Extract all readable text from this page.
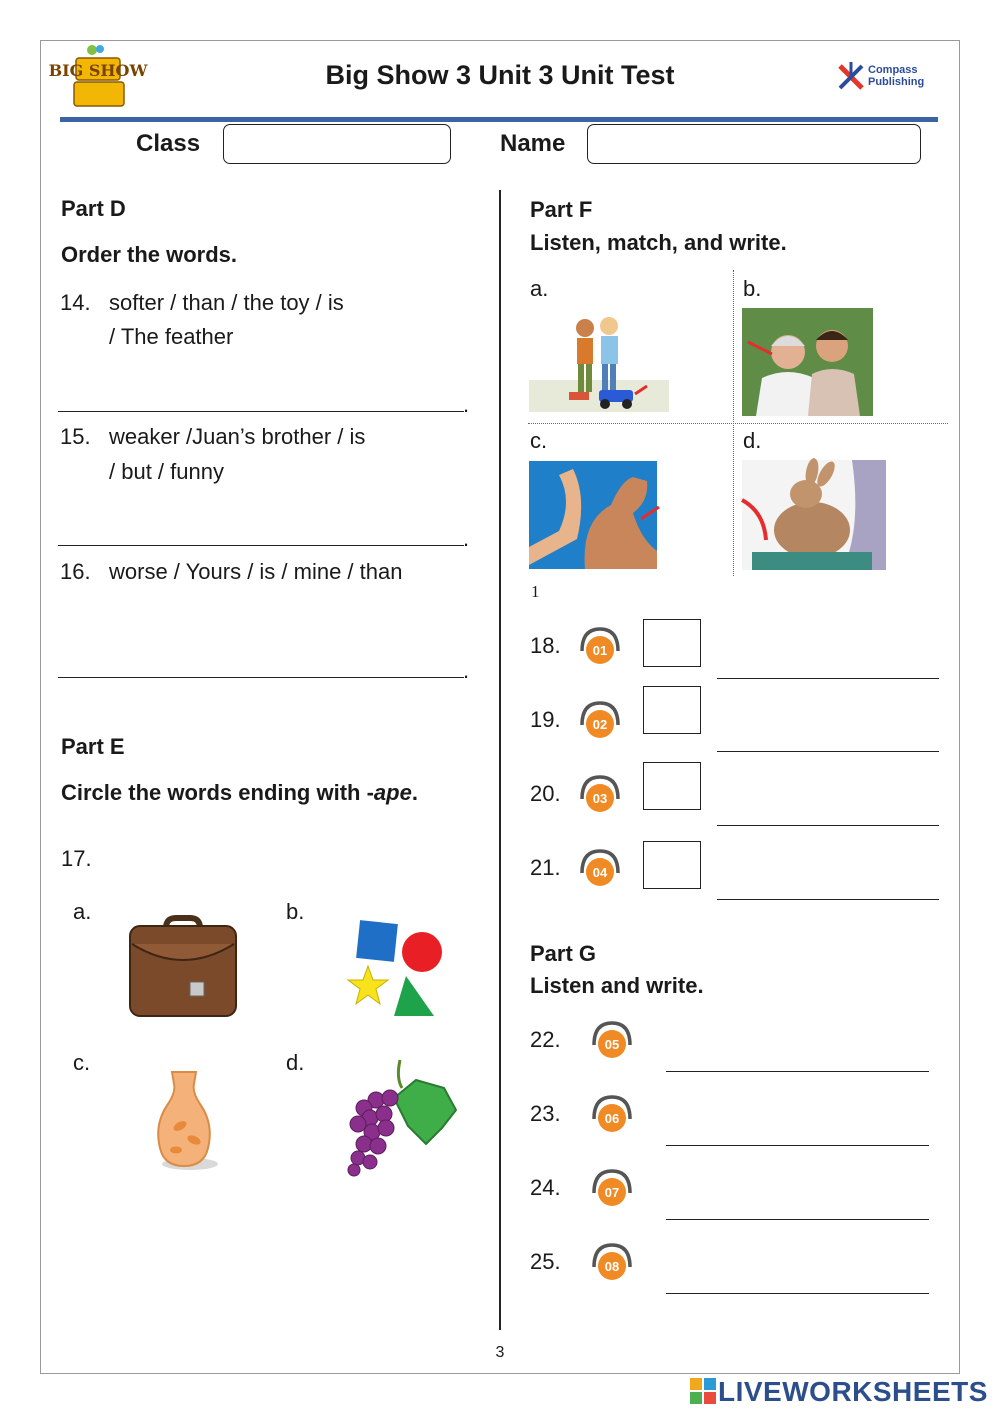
BIG SHOW	Big Show 3 Unit 3 Unit Test	Compass
Publishing
Class	Name
Part D
Order the words.
14. softer / than / the toy / is
/ The feather
.
15. weaker /Juan’s brother / is
/ but / funny
.
16. worse / Yours / is / mine / than
.
Part E
Circle the words ending with -ape.
17.
a.	b.
c.	d.
Part F
Listen, match, and write.
a.	b.
c.	d.
1
18. 01
19. 02
20. 03
21. 04
Part G
Listen and write.
22.	05
23.	06
24.	07
25.	08
3
LIVEWORKSHEETS
